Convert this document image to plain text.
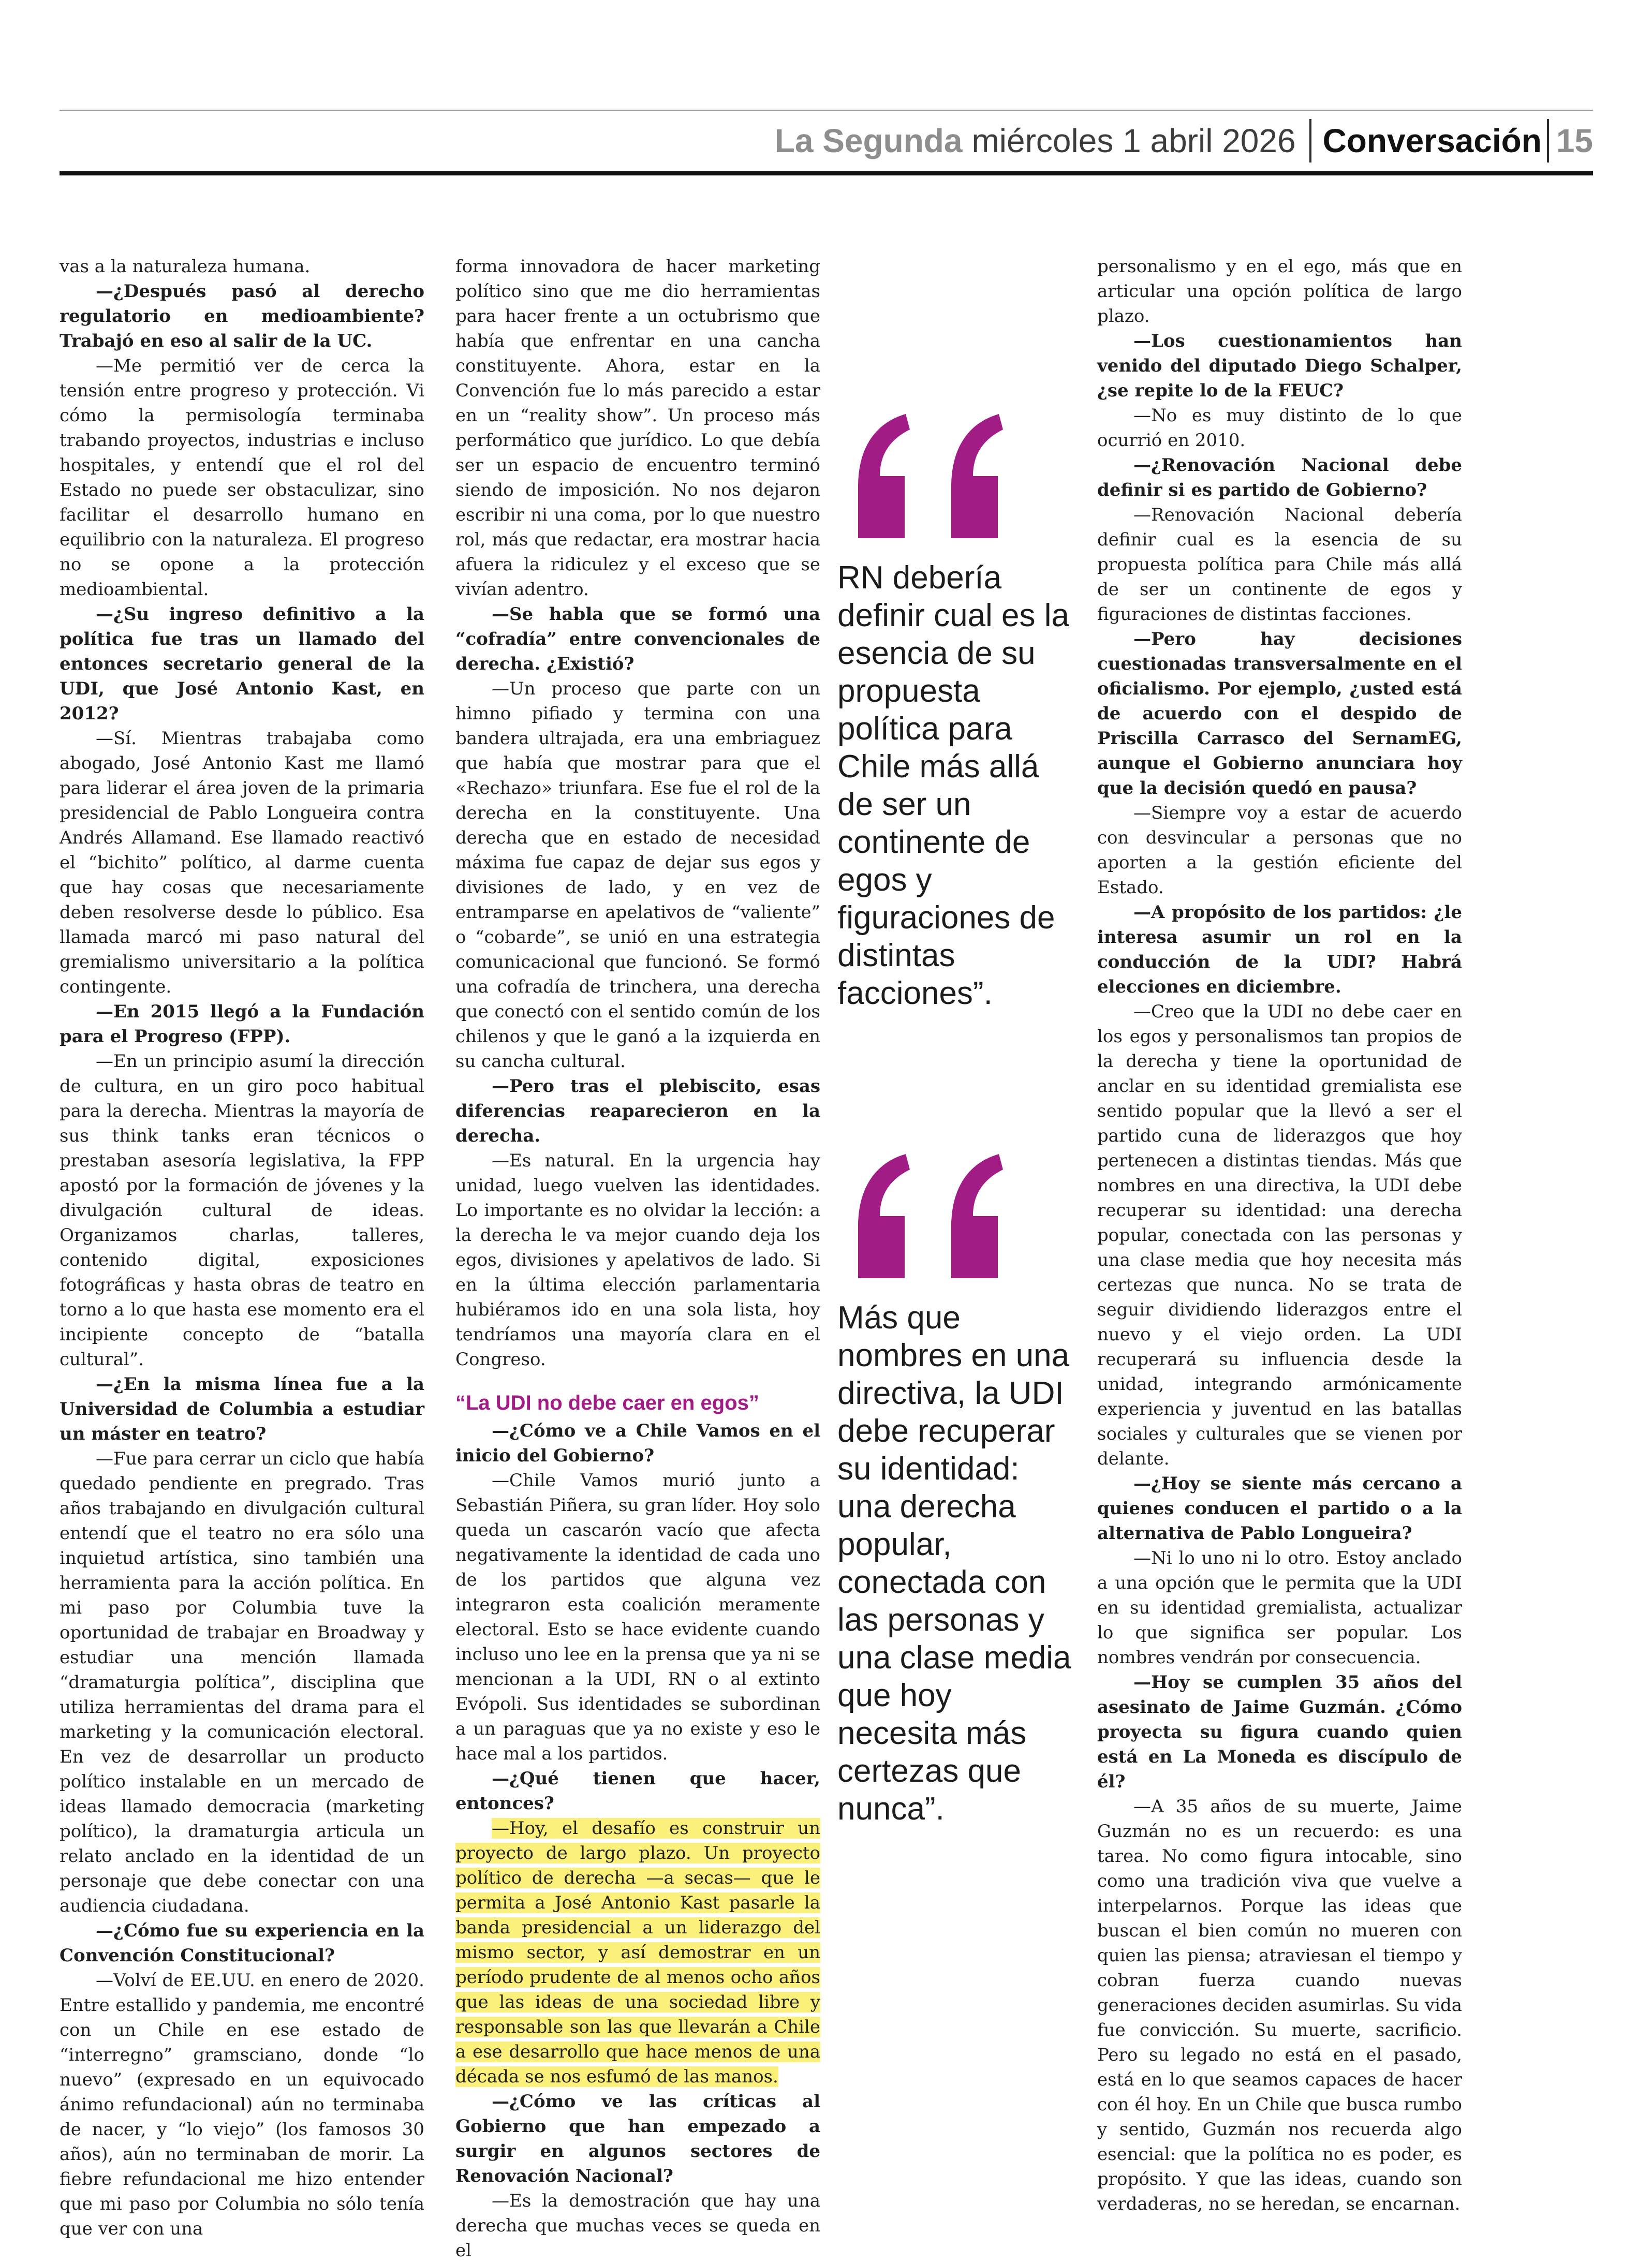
La Segunda miércoles 1 abril 2026 Conversación 15

vas a la naturaleza humana.

—¿Después pasó al derecho regulatorio en medioambiente? Trabajó en eso al salir de la UC.

—Me permitió ver de cerca la tensión entre progreso y protección. Vi cómo la permisología terminaba trabando proyectos, industrias e incluso hospitales, y entendí que el rol del Estado no puede ser obstaculizar, sino facilitar el desarrollo humano en equilibrio con la naturaleza. El progreso no se opone a la protección medioambiental.

—¿Su ingreso definitivo a la política fue tras un llamado del entonces secretario general de la UDI, que José Antonio Kast, en 2012?

—Sí. Mientras trabajaba como abogado, José Antonio Kast me llamó para liderar el área joven de la primaria presidencial de Pablo Longueira contra Andrés Allamand. Ese llamado reactivó el “bichito” político, al darme cuenta que hay cosas que necesariamente deben resolverse desde lo público. Esa llamada marcó mi paso natural del gremialismo universitario a la política contingente.

—En 2015 llegó a la Fundación para el Progreso (FPP).

—En un principio asumí la dirección de cultura, en un giro poco habitual para la derecha. Mientras la mayoría de sus think tanks eran técnicos o prestaban asesoría legislativa, la FPP apostó por la formación de jóvenes y la divulgación cultural de ideas. Organizamos charlas, talleres, contenido digital, exposiciones fotográficas y hasta obras de teatro en torno a lo que hasta ese momento era el incipiente concepto de “batalla cultural”.

—¿En la misma línea fue a la Universidad de Columbia a estudiar un máster en teatro?

—Fue para cerrar un ciclo que había quedado pendiente en pregrado. Tras años trabajando en divulgación cultural entendí que el teatro no era sólo una inquietud artística, sino también una herramienta para la acción política. En mi paso por Columbia tuve la oportunidad de trabajar en Broadway y estudiar una mención llamada “dramaturgia política”, disciplina que utiliza herramientas del drama para el marketing y la comunicación electoral. En vez de desarrollar un producto político instalable en un mercado de ideas llamado democracia (marketing político), la dramaturgia articula un relato anclado en la identidad de un personaje que debe conectar con una audiencia ciudadana.

—¿Cómo fue su experiencia en la Convención Constitucional?

—Volví de EE.UU. en enero de 2020. Entre estallido y pandemia, me encontré con un Chile en ese estado de “interregno” gramsciano, donde “lo nuevo” (expresado en un equivocado ánimo refundacional) aún no terminaba de nacer, y “lo viejo” (los famosos 30 años), aún no terminaban de morir. La fiebre refundacional me hizo entender que mi paso por Columbia no sólo tenía que ver con una

forma innovadora de hacer marketing político sino que me dio herramientas para hacer frente a un octubrismo que había que enfrentar en una cancha constituyente. Ahora, estar en la Convención fue lo más parecido a estar en un “reality show”. Un proceso más performático que jurídico. Lo que debía ser un espacio de encuentro terminó siendo de imposición. No nos dejaron escribir ni una coma, por lo que nuestro rol, más que redactar, era mostrar hacia afuera la ridiculez y el exceso que se vivían adentro.

—Se habla que se formó una “cofradía” entre convencionales de derecha. ¿Existió?

—Un proceso que parte con un himno pifiado y termina con una bandera ultrajada, era una embriaguez que había que mostrar para que el «Rechazo» triunfara. Ese fue el rol de la derecha en la constituyente. Una derecha que en estado de necesidad máxima fue capaz de dejar sus egos y divisiones de lado, y en vez de entramparse en apelativos de “valiente” o “cobarde”, se unió en una estrategia comunicacional que funcionó. Se formó una cofradía de trinchera, una derecha que conectó con el sentido común de los chilenos y que le ganó a la izquierda en su cancha cultural.

—Pero tras el plebiscito, esas diferencias reaparecieron en la derecha.

—Es natural. En la urgencia hay unidad, luego vuelven las identidades. Lo importante es no olvidar la lección: a la derecha le va mejor cuando deja los egos, divisiones y apelativos de lado. Si en la última elección parlamentaria hubiéramos ido en una sola lista, hoy tendríamos una mayoría clara en el Congreso.

“La UDI no debe caer en egos”

—¿Cómo ve a Chile Vamos en el inicio del Gobierno?

—Chile Vamos murió junto a Sebastián Piñera, su gran líder. Hoy solo queda un cascarón vacío que afecta negativamente la identidad de cada uno de los partidos que alguna vez integraron esta coalición meramente electoral. Esto se hace evidente cuando incluso uno lee en la prensa que ya ni se mencionan a la UDI, RN o al extinto Evópoli. Sus identidades se subordinan a un paraguas que ya no existe y eso le hace mal a los partidos.

—¿Qué tienen que hacer, entonces?

—Hoy, el desafío es construir un proyecto de largo plazo. Un proyecto político de derecha —a secas— que le permita a José Antonio Kast pasarle la banda presidencial a un liderazgo del mismo sector, y así demostrar en un período prudente de al menos ocho años que las ideas de una sociedad libre y responsable son las que llevarán a Chile a ese desarrollo que hace menos de una década se nos esfumó de las manos.

—¿Cómo ve las críticas al Gobierno que han empezado a surgir en algunos sectores de Renovación Nacional?

—Es la demostración que hay una derecha que muchas veces se queda en el

RN debería definir cual es la esencia de su propuesta política para Chile más allá de ser un continente de egos y figuraciones de distintas facciones”.
Más que nombres en una directiva, la UDI debe recuperar su identidad: una derecha popular, conectada con las personas y una clase media que hoy necesita más certezas que nunca”.

personalismo y en el ego, más que en articular una opción política de largo plazo.

—Los cuestionamientos han venido del diputado Diego Schalper, ¿se repite lo de la FEUC?

—No es muy distinto de lo que ocurrió en 2010.

—¿Renovación Nacional debe definir si es partido de Gobierno?

—Renovación Nacional debería definir cual es la esencia de su propuesta política para Chile más allá de ser un continente de egos y figuraciones de distintas facciones.

—Pero hay decisiones cuestionadas transversalmente en el oficialismo. Por ejemplo, ¿usted está de acuerdo con el despido de Priscilla Carrasco del SernamEG, aunque el Gobierno anunciara hoy que la decisión quedó en pausa?

—Siempre voy a estar de acuerdo con desvincular a personas que no aporten a la gestión eficiente del Estado.

—A propósito de los partidos: ¿le interesa asumir un rol en la conducción de la UDI? Habrá elecciones en diciembre.

—Creo que la UDI no debe caer en los egos y personalismos tan propios de la derecha y tiene la oportunidad de anclar en su identidad gremialista ese sentido popular que la llevó a ser el partido cuna de liderazgos que hoy pertenecen a distintas tiendas. Más que nombres en una directiva, la UDI debe recuperar su identidad: una derecha popular, conectada con las personas y una clase media que hoy necesita más certezas que nunca. No se trata de seguir dividiendo liderazgos entre el nuevo y el viejo orden. La UDI recuperará su influencia desde la unidad, integrando armónicamente experiencia y juventud en las batallas sociales y culturales que se vienen por delante.

—¿Hoy se siente más cercano a quienes conducen el partido o a la alternativa de Pablo Longueira?

—Ni lo uno ni lo otro. Estoy anclado a una opción que le permita que la UDI en su identidad gremialista, actualizar lo que significa ser popular. Los nombres vendrán por consecuencia.

—Hoy se cumplen 35 años del asesinato de Jaime Guzmán. ¿Cómo proyecta su figura cuando quien está en La Moneda es discípulo de él?

—A 35 años de su muerte, Jaime Guzmán no es un recuerdo: es una tarea. No como figura intocable, sino como una tradición viva que vuelve a interpelarnos. Porque las ideas que buscan el bien común no mueren con quien las piensa; atraviesan el tiempo y cobran fuerza cuando nuevas generaciones deciden asumirlas. Su vida fue convicción. Su muerte, sacrificio. Pero su legado no está en el pasado, está en lo que seamos capaces de hacer con él hoy. En un Chile que busca rumbo y sentido, Guzmán nos recuerda algo esencial: que la política no es poder, es propósito. Y que las ideas, cuando son verdaderas, no se heredan, se encarnan.
